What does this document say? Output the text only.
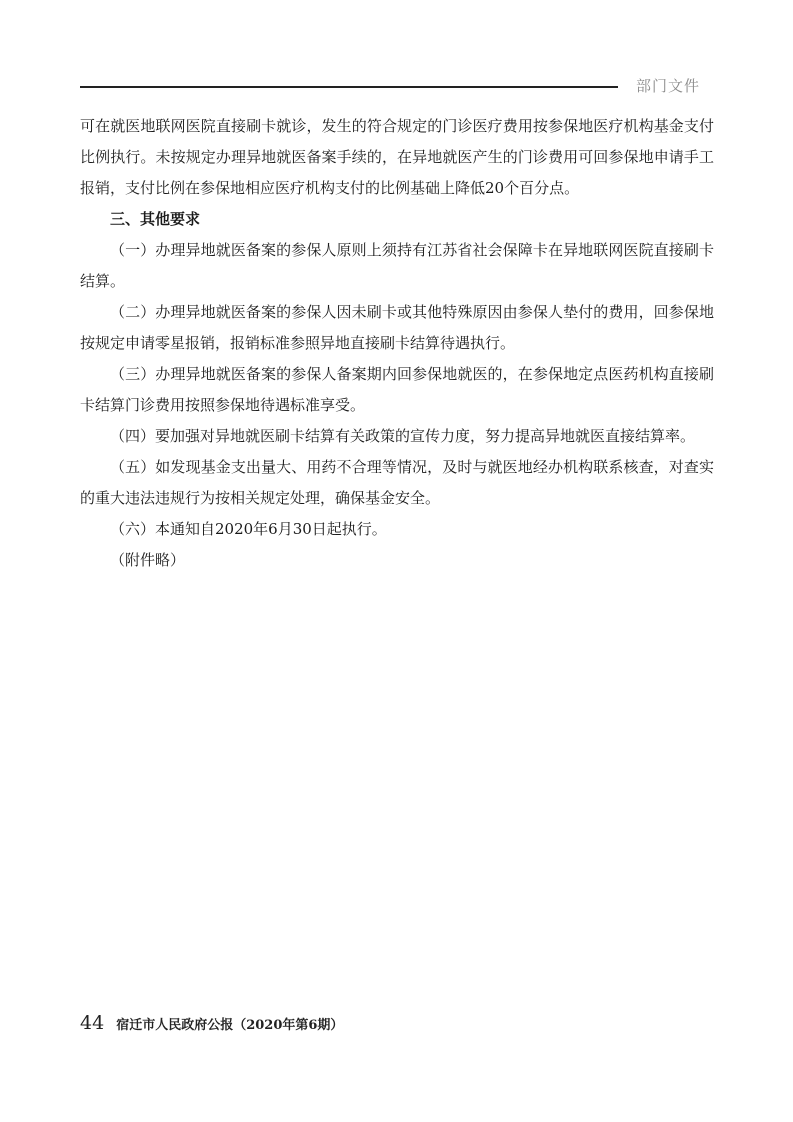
部门文件

可在就医地联网医院直接刷卡就诊，发生的符合规定的门诊医疗费用按参保地医疗机构基金支付比例执行。未按规定办理异地就医备案手续的，在异地就医产生的门诊费用可回参保地申请手工报销，支付比例在参保地相应医疗机构支付的比例基础上降低20个百分点。

三、其他要求

（一）办理异地就医备案的参保人原则上须持有江苏省社会保障卡在异地联网医院直接刷卡结算。

（二）办理异地就医备案的参保人因未刷卡或其他特殊原因由参保人垫付的费用，回参保地按规定申请零星报销，报销标准参照异地直接刷卡结算待遇执行。

（三）办理异地就医备案的参保人备案期内回参保地就医的，在参保地定点医药机构直接刷卡结算门诊费用按照参保地待遇标准享受。

（四）要加强对异地就医刷卡结算有关政策的宣传力度，努力提高异地就医直接结算率。

（五）如发现基金支出量大、用药不合理等情况，及时与就医地经办机构联系核查，对查实的重大违法违规行为按相关规定处理，确保基金安全。

（六）本通知自2020年6月30日起执行。

（附件略）

44 宿迁市人民政府公报（2020年第6期）
